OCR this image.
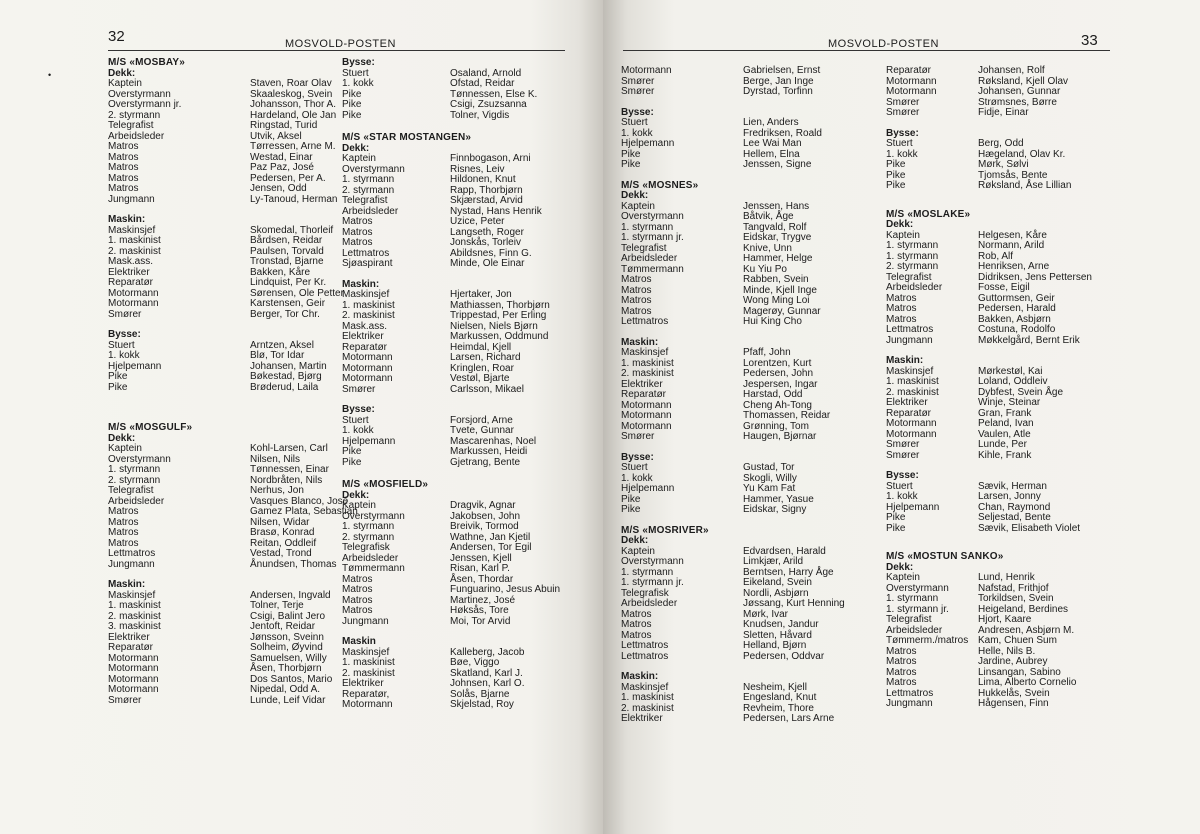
32	MOSVOLD-POSTEN
•
M/S «MOSBAY»
Dekk:
Kaptein	Staven, Roar Olav
Overstyrmann	Skaaleskog, Svein
Overstyrmann jr.	Johansson, Thor A.
2. styrmann	Hardeland, Ole Jan
Telegrafist	Ringstad, Turid
Arbeidsleder	Utvik, Aksel
Matros	Tørressen, Arne M.
Matros	Westad, Einar
Matros	Paz Paz, José
Matros	Pedersen, Per A.
Matros	Jensen, Odd
Jungmann	Ly-Tanoud, Herman
Maskin:
Maskinsjef	Skomedal, Thorleif
1. maskinist	Bårdsen, Reidar
2. maskinist	Paulsen, Torvald
Mask.ass.	Tronstad, Bjarne
Elektriker	Bakken, Kåre
Reparatør	Lindquist, Per Kr.
Motormann	Sørensen, Ole Petter
Motormann	Karstensen, Geir
Smører	Berger, Tor Chr.
Bysse:
Stuert	Arntzen, Aksel
1. kokk	Blø, Tor Idar
Hjelpemann	Johansen, Martin
Pike	Bøkestad, Bjørg
Pike	Brøderud, Laila
M/S «MOSGULF»
Dekk:
Kaptein	Kohl-Larsen, Carl
Overstyrmann	Nilsen, Nils
1. styrmann	Tønnessen, Einar
2. styrmann	Nordbråten, Nils
Telegrafist	Nerhus, Jon
Arbeidsleder	Vasques Blanco, José
Matros	Gamez Plata, Sebastian
Matros	Nilsen, Widar
Matros	Brasø, Konrad
Matros	Reitan, Oddleif
Lettmatros	Vestad, Trond
Jungmann	Ånundsen, Thomas
Maskin:
Maskinsjef	Andersen, Ingvald
1. maskinist	Tolner, Terje
2. maskinist	Csigi, Balint Jero
3. maskinist	Jentoft, Reidar
Elektriker	Jønsson, Sveinn
Reparatør	Solheim, Øyvind
Motormann	Samuelsen, Willy
Motormann	Åsen, Thorbjørn
Motormann	Dos Santos, Mario
Motormann	Nipedal, Odd A.
Smører	Lunde, Leif Vidar
Bysse:
Stuert	Osaland, Arnold
1. kokk	Ofstad, Reidar
Pike	Tønnessen, Else K.
Pike	Csigi, Zsuzsanna
Pike	Tolner, Vigdis
M/S «STAR MOSTANGEN»
Dekk:
Kaptein	Finnbogason, Arni
Overstyrmann	Risnes, Leiv
1. styrmann	Hildonen, Knut
2. styrmann	Rapp, Thorbjørn
Telegrafist	Skjærstad, Arvid
Arbeidsleder	Nystad, Hans Henrik
Matros	Uzice, Peter
Matros	Langseth, Roger
Matros	Jonskås, Torleiv
Lettmatros	Abildsnes, Finn G.
Sjøaspirant	Minde, Ole Einar
Maskin:
Maskinsjef	Hjertaker, Jon
1. maskinist	Mathiassen, Thorbjørn
2. maskinist	Trippestad, Per Erling
Mask.ass.	Nielsen, Niels Bjørn
Elektriker	Markussen, Oddmund
Reparatør	Heimdal, Kjell
Motormann	Larsen, Richard
Motormann	Kringlen, Roar
Motormann	Vestøl, Bjarte
Smører	Carlsson, Mikael
Bysse:
Stuert	Forsjord, Arne
1. kokk	Tvete, Gunnar
Hjelpemann	Mascarenhas, Noel
Pike	Markussen, Heidi
Pike	Gjetrang, Bente
M/S «MOSFIELD»
Dekk:
Kaptein	Dragvik, Agnar
Overstyrmann	Jakobsen, John
1. styrmann	Breivik, Tormod
2. styrmann	Wathne, Jan Kjetil
Telegrafisk	Andersen, Tor Egil
Arbeidsleder	Jenssen, Kjell
Tømmermann	Risan, Karl P.
Matros	Åsen, Thordar
Matros	Funguarino, Jesus Abuin
Matros	Martinez, José
Matros	Høksås, Tore
Jungmann	Moi, Tor Arvid
Maskin
Maskinsjef	Kalleberg, Jacob
1. maskinist	Bøe, Viggo
2. maskinist	Skatland, Karl J.
Elektriker	Johnsen, Karl O.
Reparatør,	Solås, Bjarne
Motormann	Skjelstad, Roy
MOSVOLD-POSTEN	33
Motormann	Gabrielsen, Ernst
Smører	Berge, Jan Inge
Smører	Dyrstad, Torfinn
Bysse:
Stuert	Lien, Anders
1. kokk	Fredriksen, Roald
Hjelpemann	Lee Wai Man
Pike	Hellem, Elna
Pike	Jenssen, Signe
M/S «MOSNES»
Dekk:
Kaptein	Jenssen, Hans
Overstyrmann	Båtvik, Åge
1. styrmann	Tangvald, Rolf
1. styrmann jr.	Eidskar, Trygve
Telegrafist	Knive, Unn
Arbeidsleder	Hammer, Helge
Tømmermann	Ku Yiu Po
Matros	Rabben, Svein
Matros	Minde, Kjell Inge
Matros	Wong Ming Loi
Matros	Magerøy, Gunnar
Lettmatros	Hui King Cho
Maskin:
Maskinsjef	Pfaff, John
1. maskinist	Lorentzen, Kurt
2. maskinist	Pedersen, John
Elektriker	Jespersen, Ingar
Reparatør	Harstad, Odd
Motormann	Cheng Ah-Tong
Motormann	Thomassen, Reidar
Motormann	Grønning, Tom
Smører	Haugen, Bjørnar
Bysse:
Stuert	Gustad, Tor
1. kokk	Skogli, Willy
Hjelpemann	Yu Kam Fat
Pike	Hammer, Yasue
Pike	Eidskar, Signy
M/S «MOSRIVER»
Dekk:
Kaptein	Edvardsen, Harald
Overstyrmann	Limkjær, Arild
1. styrmann	Berntsen, Harry Åge
1. styrmann jr.	Eikeland, Svein
Telegrafisk	Nordli, Asbjørn
Arbeidsleder	Jøssang, Kurt Henning
Matros	Mørk, Ivar
Matros	Knudsen, Jandur
Matros	Sletten, Håvard
Lettmatros	Helland, Bjørn
Lettmatros	Pedersen, Oddvar
Maskin:
Maskinsjef	Nesheim, Kjell
1. maskinist	Engesland, Knut
2. maskinist	Revheim, Thore
Elektriker	Pedersen, Lars Arne
Reparatør	Johansen, Rolf
Motormann	Røksland, Kjell Olav
Motormann	Johansen, Gunnar
Smører	Strømsnes, Børre
Smører	Fidje, Einar
Bysse:
Stuert	Berg, Odd
1. kokk	Hægeland, Olav Kr.
Pike	Mørk, Sølvi
Pike	Tjomsås, Bente
Pike	Røksland, Åse Lillian
M/S «MOSLAKE»
Dekk:
Kaptein	Helgesen, Kåre
1. styrmann	Normann, Arild
1. styrmann	Rob, Alf
2. styrmann	Henriksen, Arne
Telegrafist	Didriksen, Jens Pettersen
Arbeidsleder	Fosse, Eigil
Matros	Guttormsen, Geir
Matros	Pedersen, Harald
Matros	Bakken, Asbjørn
Lettmatros	Costuna, Rodolfo
Jungmann	Møkkelgård, Bernt Erik
Maskin:
Maskinsjef	Mørkestøl, Kai
1. maskinist	Loland, Oddleiv
2. maskinist	Dybfest, Svein Åge
Elektriker	Winje, Steinar
Reparatør	Gran, Frank
Motormann	Peland, Ivan
Motormann	Vaulen, Atle
Smører	Lunde, Per
Smører	Kihle, Frank
Bysse:
Stuert	Sævik, Herman
1. kokk	Larsen, Jonny
Hjelpemann	Chan, Raymond
Pike	Seljestad, Bente
Pike	Sævik, Elisabeth Violet
M/S «MOSTUN SANKO»
Dekk:
Kaptein	Lund, Henrik
Overstyrmann	Nafstad, Frithjof
1. styrmann	Torkildsen, Svein
1. styrmann jr.	Heigeland, Berdines
Telegrafist	Hjort, Kaare
Arbeidsleder	Andresen, Asbjørn M.
Tømmerm./matros Kam, Chuen Sum
Matros	Helle, Nils B.
Matros	Jardine, Aubrey
Matros	Linsangan, Sabino
Matros	Lima, Alberto Cornelio
Lettmatros	Hukkelås, Svein
Jungmann	Hågensen, Finn
